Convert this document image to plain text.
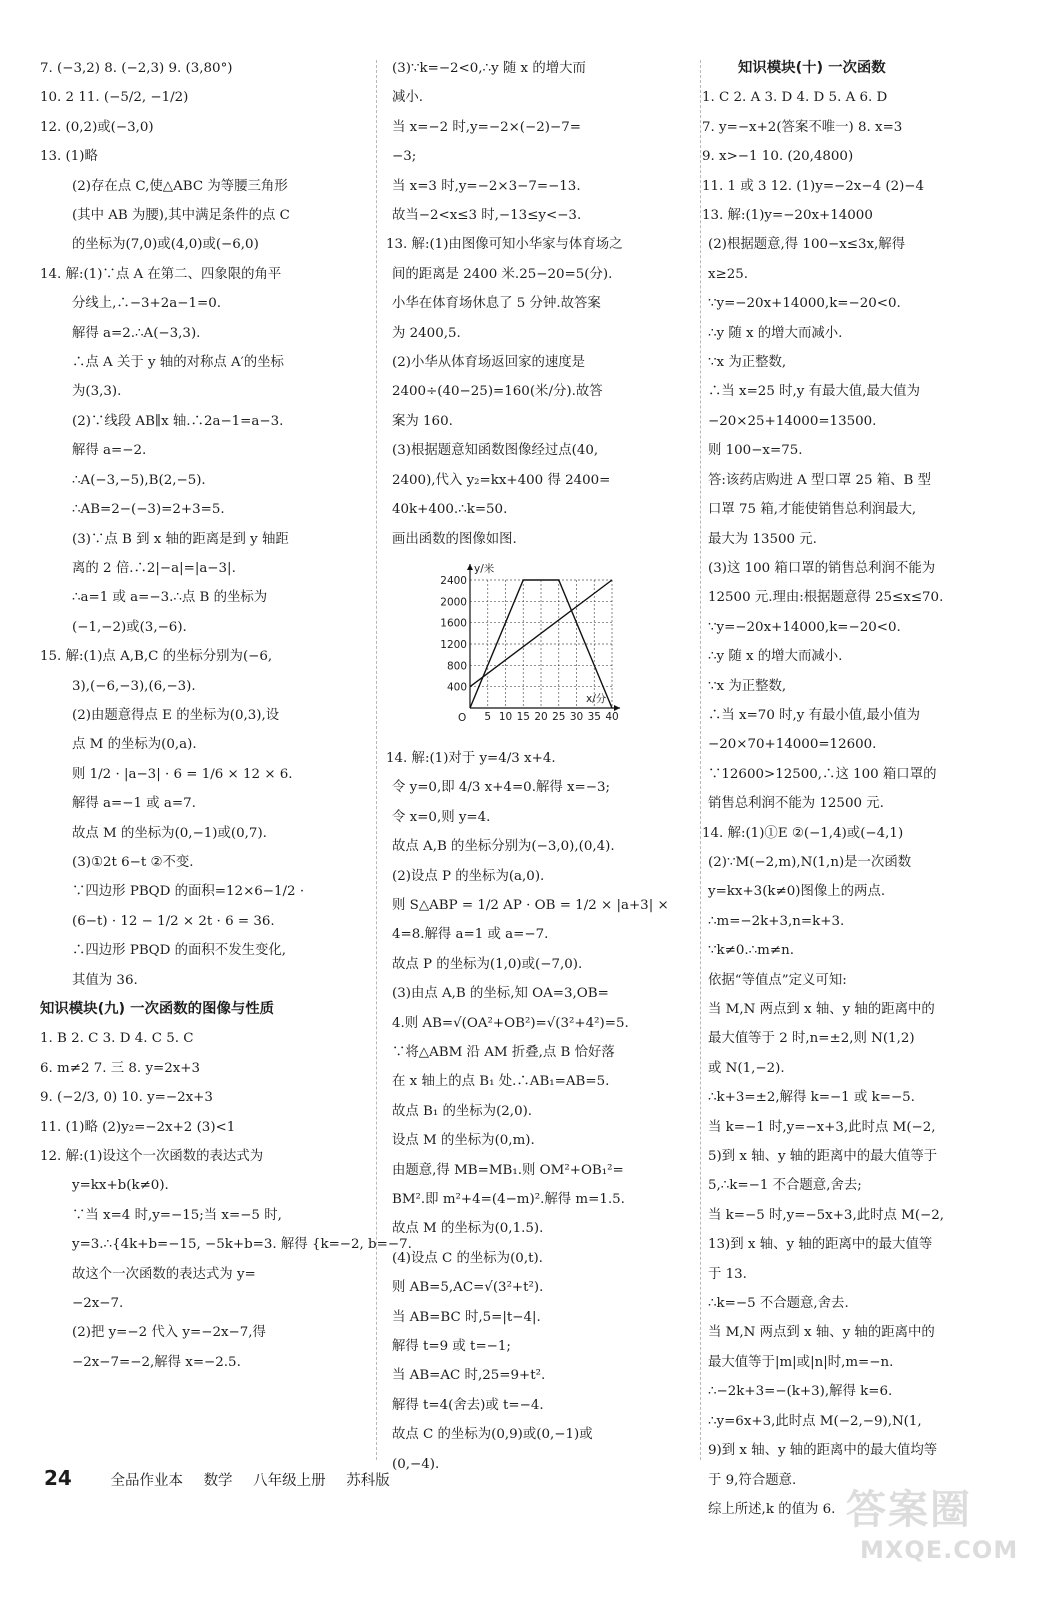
7. (−3,2) 8. (−2,3) 9. (3,80°)
10. 2 11. (−5/2, −1/2)
12. (0,2)或(−3,0)
13. (1)略
(2)存在点 C,使△ABC 为等腰三角形
(其中 AB 为腰),其中满足条件的点 C
的坐标为(7,0)或(4,0)或(−6,0)
14. 解:(1)∵点 A 在第二、四象限的角平
分线上,∴−3+2a−1=0.
解得 a=2.∴A(−3,3).
∴点 A 关于 y 轴的对称点 A′的坐标
为(3,3).
(2)∵线段 AB∥x 轴.∴2a−1=a−3.
解得 a=−2.
∴A(−3,−5),B(2,−5).
∴AB=2−(−3)=2+3=5.
(3)∵点 B 到 x 轴的距离是到 y 轴距
离的 2 倍.∴2|−a|=|a−3|.
∴a=1 或 a=−3.∴点 B 的坐标为
(−1,−2)或(3,−6).
15. 解:(1)点 A,B,C 的坐标分别为(−6,
3),(−6,−3),(6,−3).
(2)由题意得点 E 的坐标为(0,3),设
点 M 的坐标为(0,a).
则 1/2 · |a−3| · 6 = 1/6 × 12 × 6.
解得 a=−1 或 a=7.
故点 M 的坐标为(0,−1)或(0,7).
(3)①2t 6−t ②不变.
∵四边形 PBQD 的面积=12×6−1/2 ·
(6−t) · 12 − 1/2 × 2t · 6 = 36.
∴四边形 PBQD 的面积不发生变化,
其值为 36.
知识模块(九) 一次函数的图像与性质
1. B 2. C 3. D 4. C 5. C
6. m≠2 7. 三 8. y=2x+3
9. (−2/3, 0) 10. y=−2x+3
11. (1)略 (2)y₂=−2x+2 (3)<1
12. 解:(1)设这个一次函数的表达式为
y=kx+b(k≠0).
∵当 x=4 时,y=−15;当 x=−5 时,
y=3.∴{4k+b=−15, −5k+b=3. 解得 {k=−2, b=−7.
故这个一次函数的表达式为 y=
−2x−7.
(2)把 y=−2 代入 y=−2x−7,得
−2x−7=−2,解得 x=−2.5.
(3)∵k=−2<0,∴y 随 x 的增大而
减小.
当 x=−2 时,y=−2×(−2)−7=
−3;
当 x=3 时,y=−2×3−7=−13.
故当−2<x≤3 时,−13≤y<−3.
13. 解:(1)由图像可知小华家与体育场之
间的距离是 2400 米.25−20=5(分).
小华在体育场休息了 5 分钟.故答案
为 2400,5.
(2)小华从体育场返回家的速度是
2400÷(40−25)=160(米/分).故答
案为 160.
(3)根据题意知函数图像经过点(40,
2400),代入 y₂=kx+400 得 2400=
40k+400.∴k=50.
画出函数的图像如图.
5 10 15 20 25 30 35 40
400
800
1200
1600
2000
2400
O
y/米
x/分
14. 解:(1)对于 y=4/3 x+4.
令 y=0,即 4/3 x+4=0.解得 x=−3;
令 x=0,则 y=4.
故点 A,B 的坐标分别为(−3,0),(0,4).
(2)设点 P 的坐标为(a,0).
则 S△ABP = 1/2 AP · OB = 1/2 × |a+3| ×
4=8.解得 a=1 或 a=−7.
故点 P 的坐标为(1,0)或(−7,0).
(3)由点 A,B 的坐标,知 OA=3,OB=
4.则 AB=√(OA²+OB²)=√(3²+4²)=5.
∵将△ABM 沿 AM 折叠,点 B 恰好落
在 x 轴上的点 B₁ 处.∴AB₁=AB=5.
故点 B₁ 的坐标为(2,0).
设点 M 的坐标为(0,m).
由题意,得 MB=MB₁.则 OM²+OB₁²=
BM².即 m²+4=(4−m)².解得 m=1.5.
故点 M 的坐标为(0,1.5).
(4)设点 C 的坐标为(0,t).
则 AB=5,AC=√(3²+t²).
当 AB=BC 时,5=|t−4|.
解得 t=9 或 t=−1;
当 AB=AC 时,25=9+t².
解得 t=4(舍去)或 t=−4.
故点 C 的坐标为(0,9)或(0,−1)或
(0,−4).
知识模块(十) 一次函数
1. C 2. A 3. D 4. D 5. A 6. D
7. y=−x+2(答案不唯一) 8. x=3
9. x>−1 10. (20,4800)
11. 1 或 3 12. (1)y=−2x−4 (2)−4
13. 解:(1)y=−20x+14000
(2)根据题意,得 100−x≤3x,解得
x≥25.
∵y=−20x+14000,k=−20<0.
∴y 随 x 的增大而减小.
∵x 为正整数,
∴当 x=25 时,y 有最大值,最大值为
−20×25+14000=13500.
则 100−x=75.
答:该药店购进 A 型口罩 25 箱、B 型
口罩 75 箱,才能使销售总利润最大,
最大为 13500 元.
(3)这 100 箱口罩的销售总利润不能为
12500 元.理由:根据题意得 25≤x≤70.
∵y=−20x+14000,k=−20<0.
∴y 随 x 的增大而减小.
∵x 为正整数,
∴当 x=70 时,y 有最小值,最小值为
−20×70+14000=12600.
∵12600>12500,∴这 100 箱口罩的
销售总利润不能为 12500 元.
14. 解:(1)①E ②(−1,4)或(−4,1)
(2)∵M(−2,m),N(1,n)是一次函数
y=kx+3(k≠0)图像上的两点.
∴m=−2k+3,n=k+3.
∵k≠0.∴m≠n.
依据“等值点”定义可知:
当 M,N 两点到 x 轴、y 轴的距离中的
最大值等于 2 时,n=±2,则 N(1,2)
或 N(1,−2).
∴k+3=±2,解得 k=−1 或 k=−5.
当 k=−1 时,y=−x+3,此时点 M(−2,
5)到 x 轴、y 轴的距离中的最大值等于
5,∴k=−1 不合题意,舍去;
当 k=−5 时,y=−5x+3,此时点 M(−2,
13)到 x 轴、y 轴的距离中的最大值等
于 13.
∴k=−5 不合题意,舍去.
当 M,N 两点到 x 轴、y 轴的距离中的
最大值等于|m|或|n|时,m=−n.
∴−2k+3=−(k+3),解得 k=6.
∴y=6x+3,此时点 M(−2,−9),N(1,
9)到 x 轴、y 轴的距离中的最大值均等
于 9,符合题意.
综上所述,k 的值为 6.
24	全品作业本 数学 八年级上册 苏科版
答案圈
MXQE.COM
